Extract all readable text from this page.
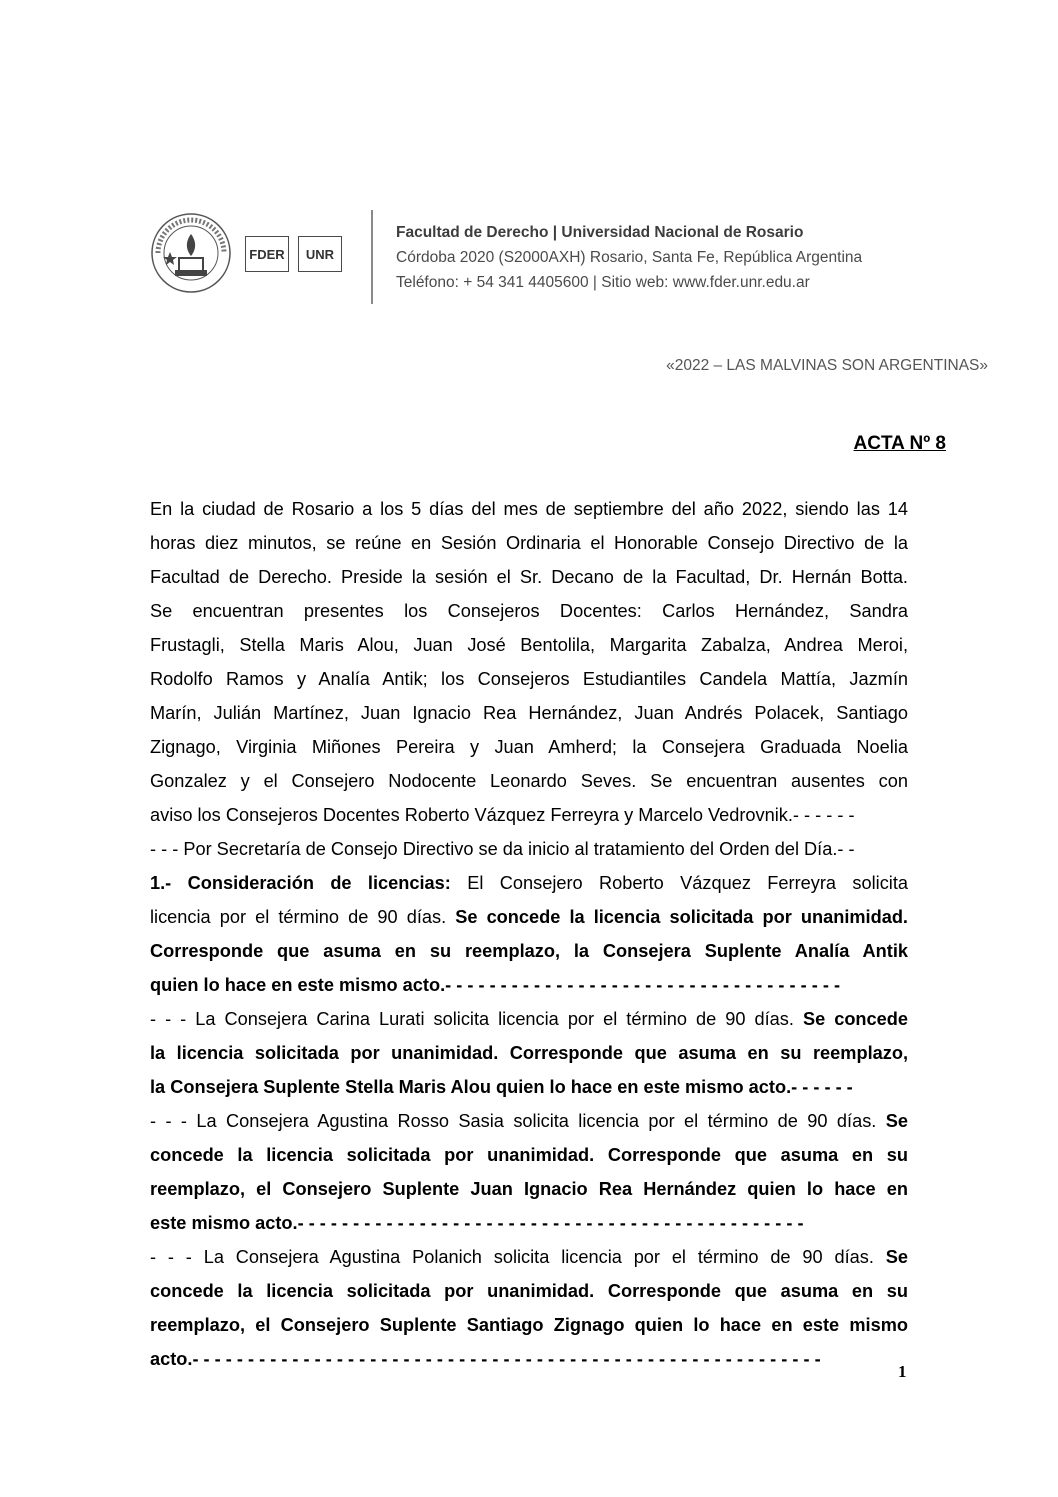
FDER	UNR
Facultad de Derecho | Universidad Nacional de Rosario
Córdoba 2020 (S2000AXH) Rosario, Santa Fe, República Argentina
Teléfono: + 54 341 4405600 | Sitio web: www.fder.unr.edu.ar
«2022 – LAS MALVINAS SON ARGENTINAS»
ACTA Nº 8
En la ciudad de Rosario a los 5 días del mes de septiembre del año 2022, siendo las 14
horas diez minutos, se reúne en Sesión Ordinaria el Honorable Consejo Directivo de la
Facultad de Derecho. Preside la sesión el Sr. Decano de la Facultad, Dr. Hernán Botta.
Se encuentran presentes los Consejeros Docentes: Carlos Hernández, Sandra
Frustagli, Stella Maris Alou, Juan José Bentolila, Margarita Zabalza, Andrea Meroi,
Rodolfo Ramos y Analía Antik; los Consejeros Estudiantiles Candela Mattía, Jazmín
Marín, Julián Martínez, Juan Ignacio Rea Hernández, Juan Andrés Polacek, Santiago
Zignago, Virginia Miñones Pereira y Juan Amherd; la Consejera Graduada Noelia
Gonzalez y el Consejero Nodocente Leonardo Seves. Se encuentran ausentes con
aviso los Consejeros Docentes Roberto Vázquez Ferreyra y Marcelo Vedrovnik.- - - - - -
- - - Por Secretaría de Consejo Directivo se da inicio al tratamiento del Orden del Día.- -
1.- Consideración de licencias: El Consejero Roberto Vázquez Ferreyra solicita
licencia por el término de 90 días. Se concede la licencia solicitada por unanimidad.
Corresponde que asuma en su reemplazo, la Consejera Suplente Analía Antik
quien lo hace en este mismo acto.- - - - - - - - - - - - - - - - - - - - - - - - - - - - - - - - - - - -
- - - La Consejera Carina Lurati solicita licencia por el término de 90 días. Se concede
la licencia solicitada por unanimidad. Corresponde que asuma en su reemplazo,
la Consejera Suplente Stella Maris Alou quien lo hace en este mismo acto.- - - - - -
- - - La Consejera Agustina Rosso Sasia solicita licencia por el término de 90 días. Se
concede la licencia solicitada por unanimidad. Corresponde que asuma en su
reemplazo, el Consejero Suplente Juan Ignacio Rea Hernández quien lo hace en
este mismo acto.- - - - - - - - - - - - - - - - - - - - - - - - - - - - - - - - - - - - - - - - - - - - - -
- - - La Consejera Agustina Polanich solicita licencia por el término de 90 días. Se
concede la licencia solicitada por unanimidad. Corresponde que asuma en su
reemplazo, el Consejero Suplente Santiago Zignago quien lo hace en este mismo
acto.- - - - - - - - - - - - - - - - - - - - - - - - - - - - - - - - - - - - - - - - - - - - - - - - - - - - - - - - -
1
